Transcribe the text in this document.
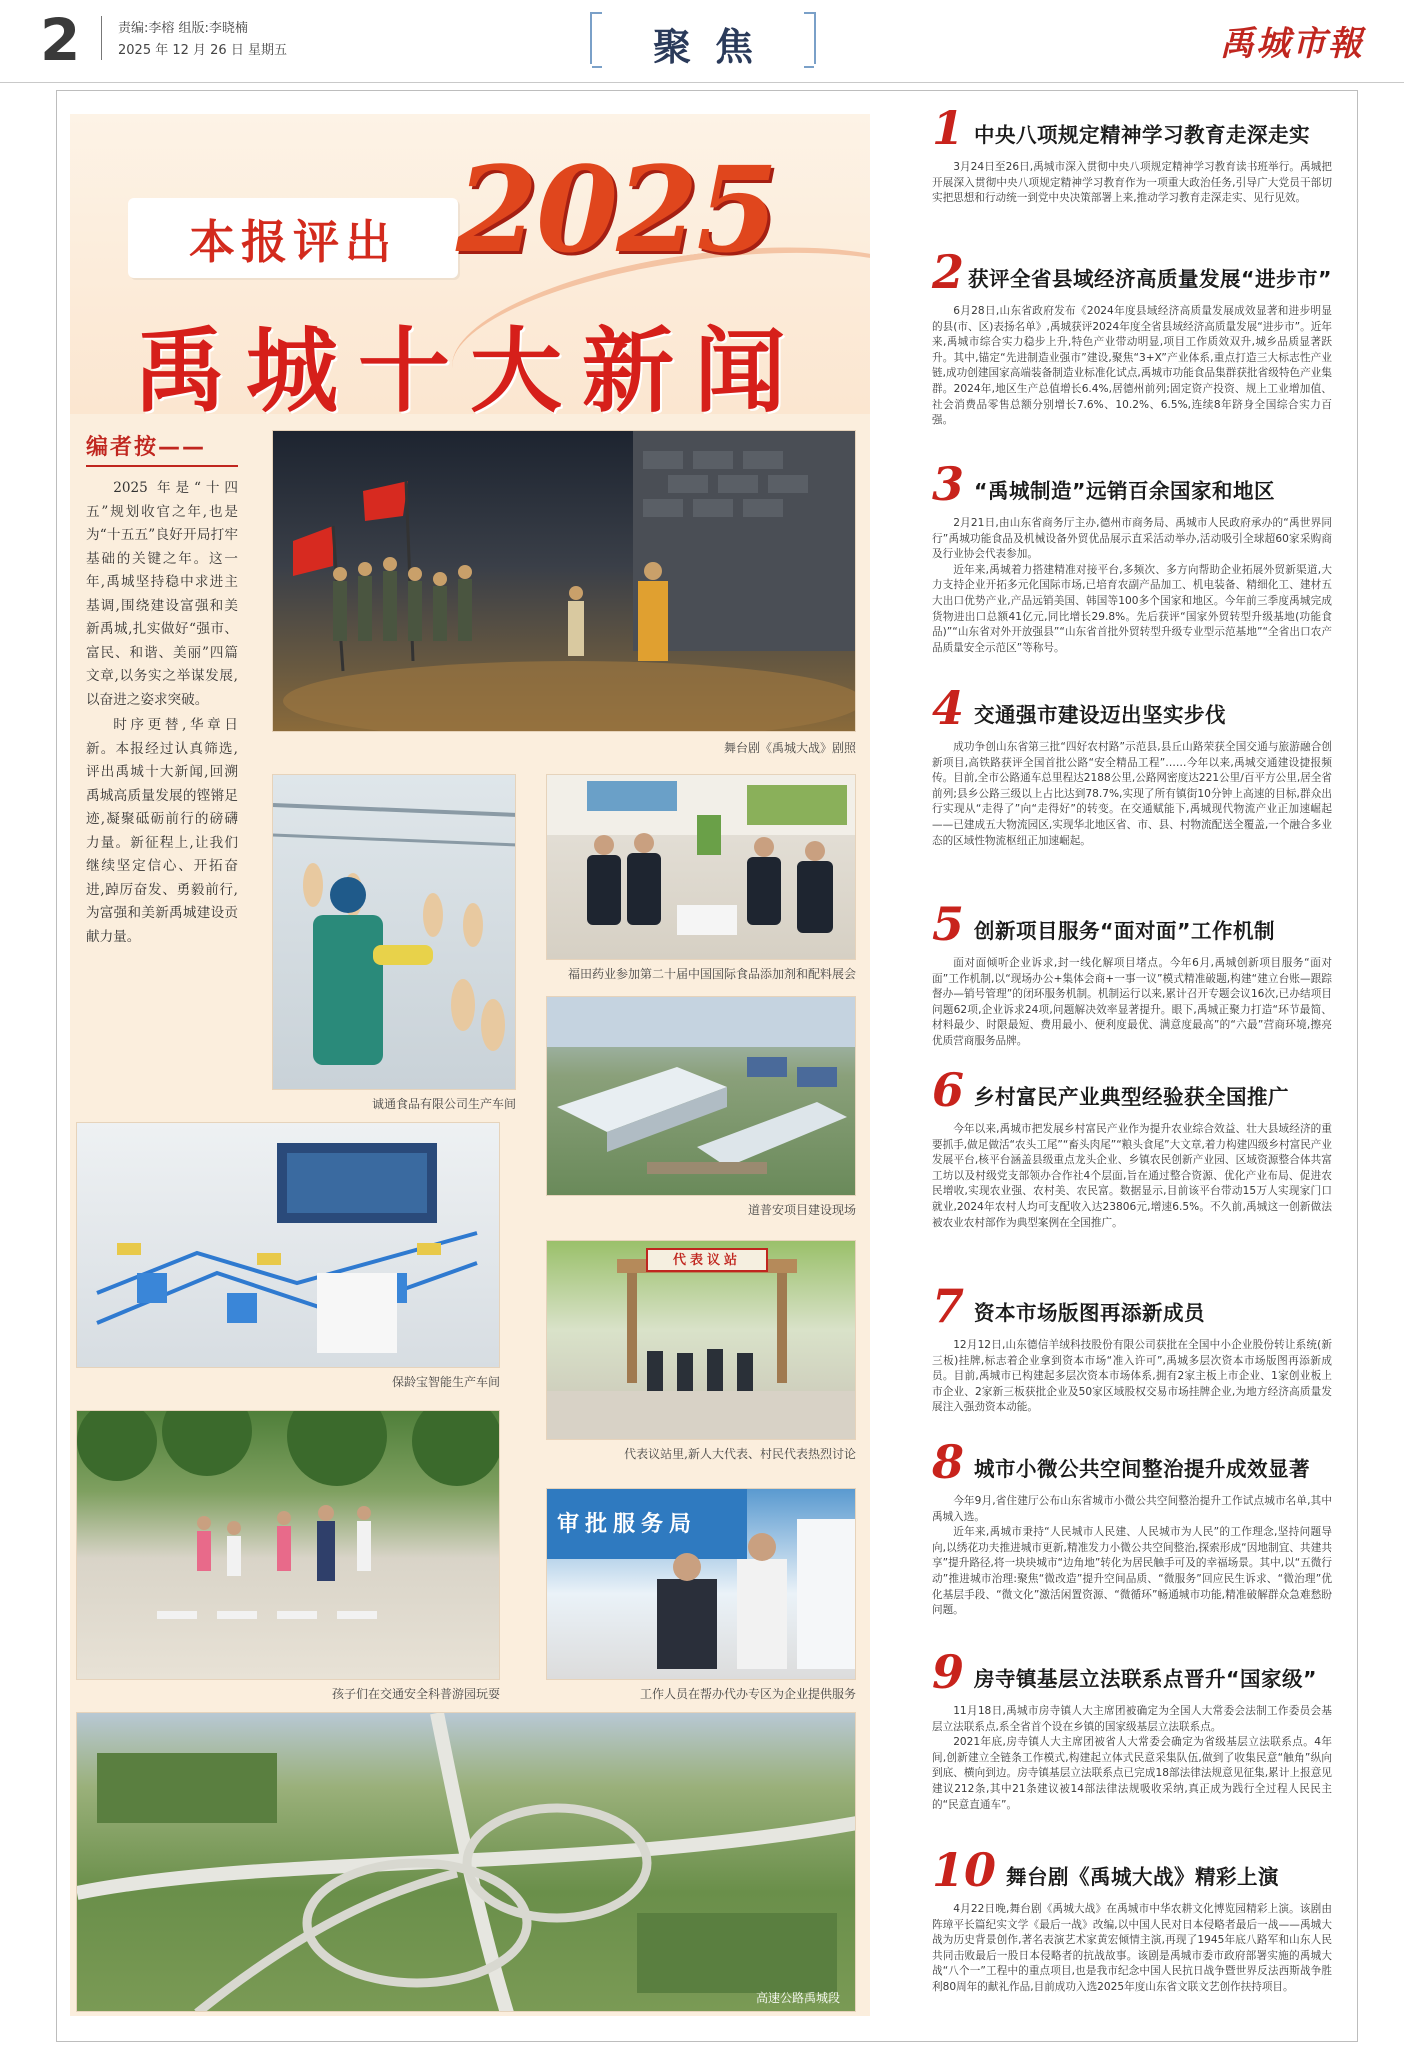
2	责编:李榕 组版:李晓楠
2025 年 12 月 26 日 星期五	聚焦	禹城市報
本报评出 2025
禹城十大新闻
编者按——

2025 年是“十四五”规划收官之年,也是为“十五五”良好开局打牢基础的关键之年。这一年,禹城坚持稳中求进主基调,围绕建设富强和美新禹城,扎实做好“强市、富民、和谐、美丽”四篇文章,以务实之举谋发展,以奋进之姿求突破。

时序更替,华章日新。本报经过认真筛选,评出禹城十大新闻,回溯禹城高质量发展的铿锵足迹,凝聚砥砺前行的磅礴力量。新征程上,让我们继续坚定信心、开拓奋进,踔厉奋发、勇毅前行,为富强和美新禹城建设贡献力量。

舞台剧《禹城大战》剧照
诚通食品有限公司生产车间
福田药业参加第二十届中国国际食品添加剂和配料展会
道普安项目建设现场
保龄宝智能生产车间
代表议站
代表议站里,新人大代表、村民代表热烈讨论
孩子们在交通安全科普游园玩耍
审批服务局
工作人员在帮办代办专区为企业提供服务
高速公路禹城段
1 中央八项规定精神学习教育走深走实

3月24日至26日,禹城市深入贯彻中央八项规定精神学习教育读书班举行。禹城把开展深入贯彻中央八项规定精神学习教育作为一项重大政治任务,引导广大党员干部切实把思想和行动统一到党中央决策部署上来,推动学习教育走深走实、见行见效。

2 获评全省县域经济高质量发展“进步市”

6月28日,山东省政府发布《2024年度县域经济高质量发展成效显著和进步明显的县(市、区)表扬名单》,禹城获评2024年度全省县域经济高质量发展“进步市”。近年来,禹城市综合实力稳步上升,特色产业带动明显,项目工作质效双升,城乡品质显著跃升。其中,锚定“先进制造业强市”建设,聚焦“3+X”产业体系,重点打造三大标志性产业链,成功创建国家高端装备制造业标准化试点,禹城市功能食品集群获批省级特色产业集群。2024年,地区生产总值增长6.4%,居德州前列;固定资产投资、规上工业增加值、社会消费品零售总额分别增长7.6%、10.2%、6.5%,连续8年跻身全国综合实力百强。

3 “禹城制造”远销百余国家和地区

2月21日,由山东省商务厅主办,德州市商务局、禹城市人民政府承办的“禹世界同行”禹城功能食品及机械设备外贸优品展示直采活动举办,活动吸引全球超60家采购商及行业协会代表参加。

近年来,禹城着力搭建精准对接平台,多频次、多方向帮助企业拓展外贸新渠道,大力支持企业开拓多元化国际市场,已培育农副产品加工、机电装备、精细化工、建材五大出口优势产业,产品远销美国、韩国等100多个国家和地区。今年前三季度禹城完成货物进出口总额41亿元,同比增长29.8%。先后获评“国家外贸转型升级基地(功能食品)”“山东省对外开放强县”“山东省首批外贸转型升级专业型示范基地”“全省出口农产品质量安全示范区”等称号。

4 交通强市建设迈出坚实步伐

成功争创山东省第三批“四好农村路”示范县,县丘山路荣获全国交通与旅游融合创新项目,高铁路获评全国首批公路“安全精品工程”……今年以来,禹城交通建设捷报频传。目前,全市公路通车总里程达2188公里,公路网密度达221公里/百平方公里,居全省前列;县乡公路三级以上占比达到78.7%,实现了所有镇街10分钟上高速的目标,群众出行实现从“走得了”向“走得好”的转变。在交通赋能下,禹城现代物流产业正加速崛起——已建成五大物流园区,实现华北地区省、市、县、村物流配送全覆盖,一个融合多业态的区域性物流枢纽正加速崛起。

5 创新项目服务“面对面”工作机制

面对面倾听企业诉求,封一线化解项目堵点。今年6月,禹城创新项目服务“面对面”工作机制,以“现场办公+集体会商+一事一议”模式精准破题,构建“建立台账—跟踪督办—销号管理”的闭环服务机制。机制运行以来,累计召开专题会议16次,已办结项目问题62项,企业诉求24项,问题解决效率显著提升。眼下,禹城正聚力打造“环节最简、材料最少、时限最短、费用最小、便利度最优、满意度最高”的“六最”营商环境,擦亮优质营商服务品牌。

6 乡村富民产业典型经验获全国推广

今年以来,禹城市把发展乡村富民产业作为提升农业综合效益、壮大县域经济的重要抓手,做足做活“农头工尾”“畜头肉尾”“粮头食尾”大文章,着力构建四级乡村富民产业发展平台,核平台涵盖县级重点龙头企业、乡镇农民创新产业园、区域资源整合体共富工坊以及村级党支部领办合作社4个层面,旨在通过整合资源、优化产业布局、促进农民增收,实现农业强、农村美、农民富。数据显示,目前该平台带动15万人实现家门口就业,2024年农村人均可支配收入达23806元,增速6.5%。不久前,禹城这一创新做法被农业农村部作为典型案例在全国推广。

7 资本市场版图再添新成员

12月12日,山东德信羊绒科技股份有限公司获批在全国中小企业股份转让系统(新三板)挂牌,标志着企业拿到资本市场“准入许可”,禹城多层次资本市场版图再添新成员。目前,禹城市已构建起多层次资本市场体系,拥有2家主板上市企业、1家创业板上市企业、2家新三板获批企业及50家区域股权交易市场挂牌企业,为地方经济高质量发展注入强劲资本动能。

8 城市小微公共空间整治提升成效显著

今年9月,省住建厅公布山东省城市小微公共空间整治提升工作试点城市名单,其中禹城入选。

近年来,禹城市秉持“人民城市人民建、人民城市为人民”的工作理念,坚持问题导向,以绣花功夫推进城市更新,精准发力小微公共空间整治,探索形成“因地制宜、共建共享”提升路径,将一块块城市“边角地”转化为居民触手可及的幸福场景。其中,以“五微行动”推进城市治理:聚焦“微改造”提升空间品质、“微服务”回应民生诉求、“微治理”优化基层手段、“微文化”激活闲置资源、“微循环”畅通城市功能,精准破解群众急难愁盼问题。

9 房寺镇基层立法联系点晋升“国家级”

11月18日,禹城市房寺镇人大主席团被确定为全国人大常委会法制工作委员会基层立法联系点,系全省首个设在乡镇的国家级基层立法联系点。

2021年底,房寺镇人大主席团被省人大常委会确定为省级基层立法联系点。4年间,创新建立全链条工作模式,构建起立体式民意采集队伍,做到了收集民意“触角”纵向到底、横向到边。房寺镇基层立法联系点已完成18部法律法规意见征集,累计上报意见建议212条,其中21条建议被14部法律法规吸收采纳,真正成为践行全过程人民民主的“民意直通车”。

10 舞台剧《禹城大战》精彩上演

4月22日晚,舞台剧《禹城大战》在禹城市中华农耕文化博览园精彩上演。该剧由阵璋平长篇纪实文学《最后一战》改编,以中国人民对日本侵略者最后一战——禹城大战为历史背景创作,著名表演艺术家黄宏倾情主演,再现了1945年底八路军和山东人民共同击败最后一股日本侵略者的抗战故事。该剧是禹城市委市政府部署实施的禹城大战“八个一”工程中的重点项目,也是我市纪念中国人民抗日战争暨世界反法西斯战争胜利80周年的献礼作品,目前成功入选2025年度山东省文联文艺创作扶持项目。
